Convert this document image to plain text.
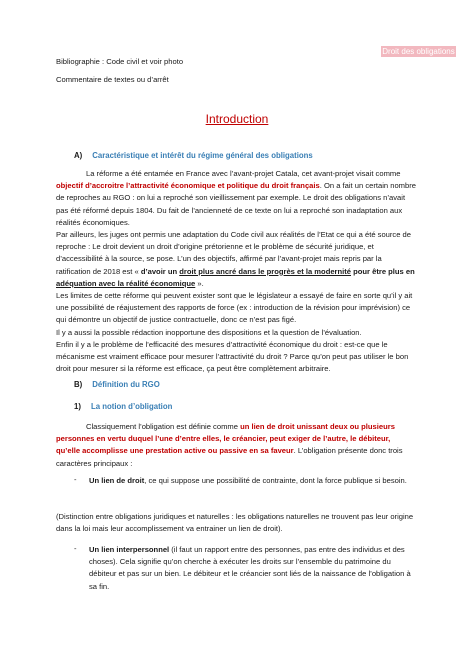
Droit des obligations
Bibliographie : Code civil et voir photo
Commentaire de textes ou d’arrêt
Introduction
A) Caractéristique et intérêt du régime général des obligations
La réforme a été entamée en France avec l’avant-projet Catala, cet avant-projet visait comme objectif d’accroitre l’attractivité économique et politique du droit français. On a fait un certain nombre de reproches au RGO : on lui a reproché son vieillissement par exemple. Le droit des obligations n’avait pas été réformé depuis 1804. Du fait de l’ancienneté de ce texte on lui a reproché son inadaptation aux réalités économiques.
Par ailleurs, les juges ont permis une adaptation du Code civil aux réalités de l’Etat ce qui a été source de reproche : Le droit devient un droit d’origine prétorienne et le problème de sécurité juridique, et d’accessibilité à la source, se pose. L’un des objectifs, affirmé par l’avant-projet mais repris par la ratification de 2018 est « d’avoir un droit plus ancré dans le progrès et la modernité pour être plus en adéquation avec la réalité économique ».
Les limites de cette réforme qui peuvent exister sont que le législateur a essayé de faire en sorte qu’il y ait une possibilité de réajustement des rapports de force (ex : introduction de la révision pour imprévision) ce qui démontre un objectif de justice contractuelle, donc ce n’est pas figé.
Il y a aussi la possible rédaction inopportune des dispositions et la question de l’évaluation.
Enfin il y a le problème de l’efficacité des mesures d’attractivité économique du droit : est-ce que le mécanisme est vraiment efficace pour mesurer l’attractivité du droit ? Parce qu’on peut pas utiliser le bon droit pour mesurer si la réforme est efficace, ça peut être complètement arbitraire.
B) Définition du RGO
1) La notion d’obligation
Classiquement l’obligation est définie comme un lien de droit unissant deux ou plusieurs personnes en vertu duquel l’une d’entre elles, le créancier, peut exiger de l’autre, le débiteur, qu’elle accomplisse une prestation active ou passive en sa faveur. L’obligation présente donc trois caractères principaux :
- Un lien de droit, ce qui suppose une possibilité de contrainte, dont la force publique si besoin.
(Distinction entre obligations juridiques et naturelles : les obligations naturelles ne trouvent pas leur origine dans la loi mais leur accomplissement va entrainer un lien de droit).
- Un lien interpersonnel (il faut un rapport entre des personnes, pas entre des individus et des choses). Cela signifie qu’on cherche à exécuter les droits sur l’ensemble du patrimoine du débiteur et pas sur un bien. Le débiteur et le créancier sont liés de la naissance de l’obligation à sa fin.
